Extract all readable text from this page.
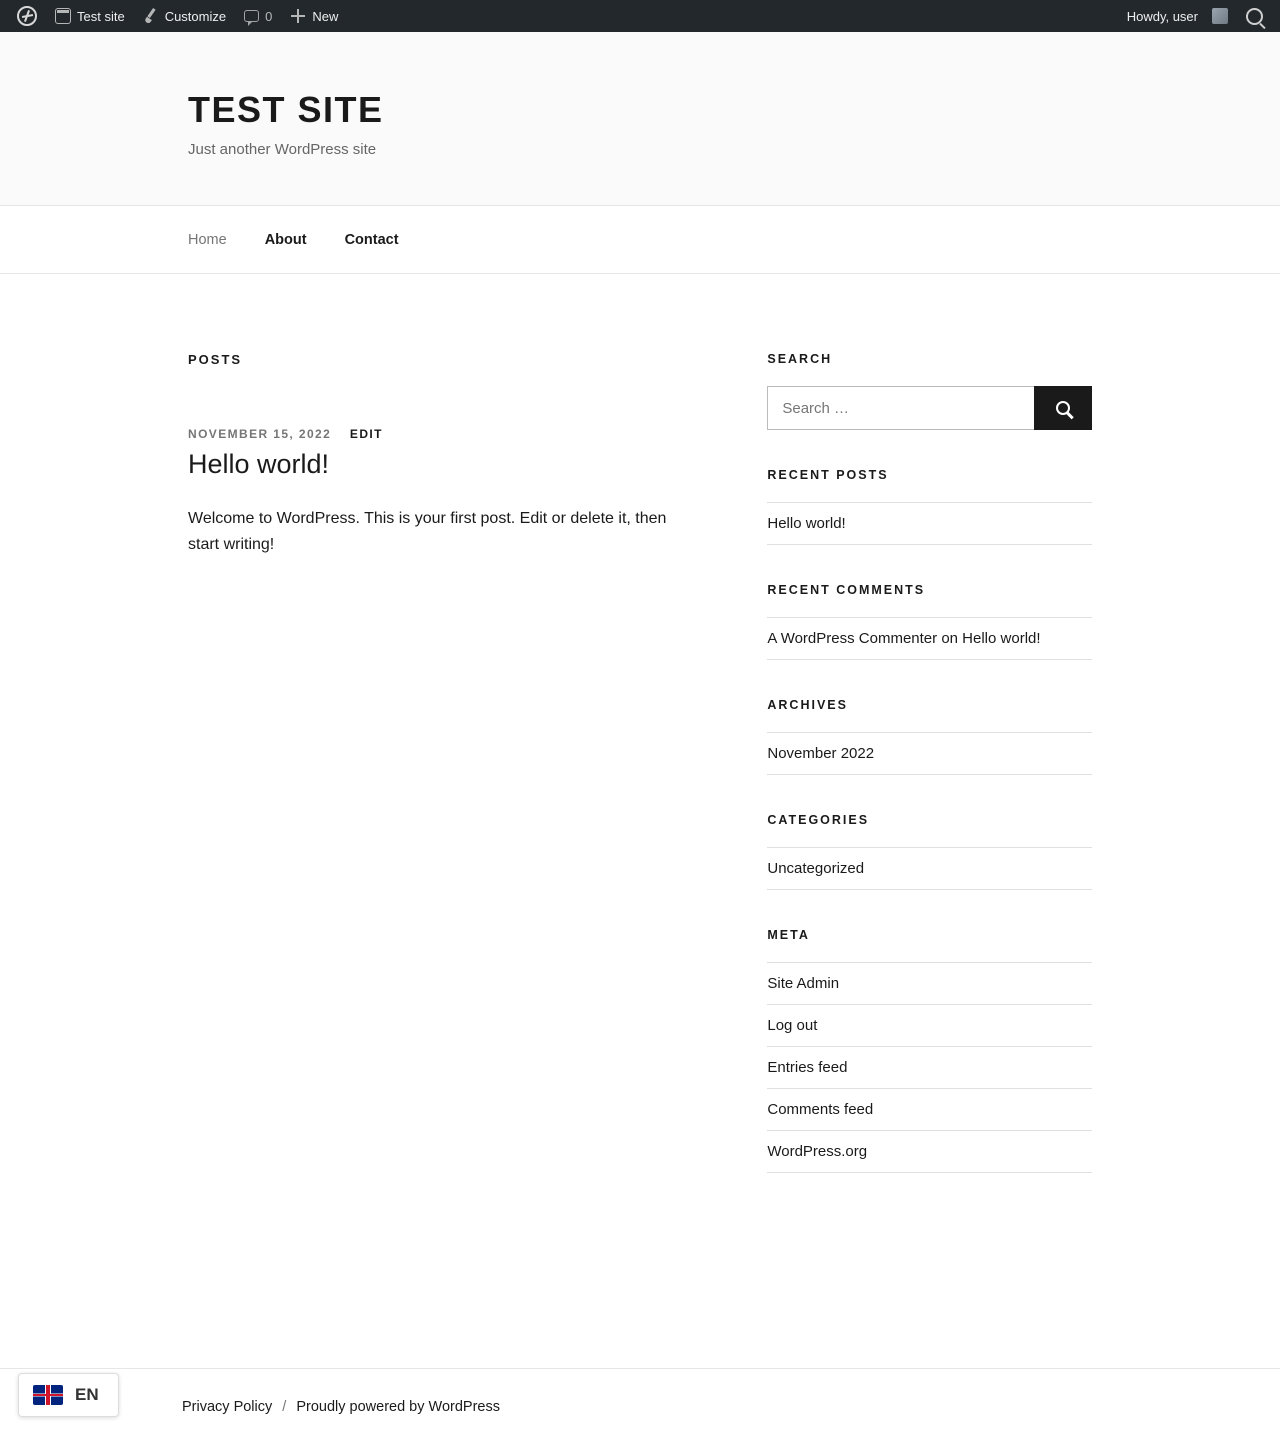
Test site	Customize	0	New	Howdy, user
TEST SITE

Just another WordPress site

Home	About	Contact
POSTS
NOVEMBER 15, 2022 EDIT
Hello world!

Welcome to WordPress. This is your first post. Edit or delete it, then start writing!

SEARCH
Search …
RECENT POSTS
Hello world!
RECENT COMMENTS
A WordPress Commenter on Hello world!
ARCHIVES
November 2022
CATEGORIES
Uncategorized
META
Site Admin
Log out
Entries feed
Comments feed
WordPress.org
Privacy Policy / Proudly powered by WordPress
EN
